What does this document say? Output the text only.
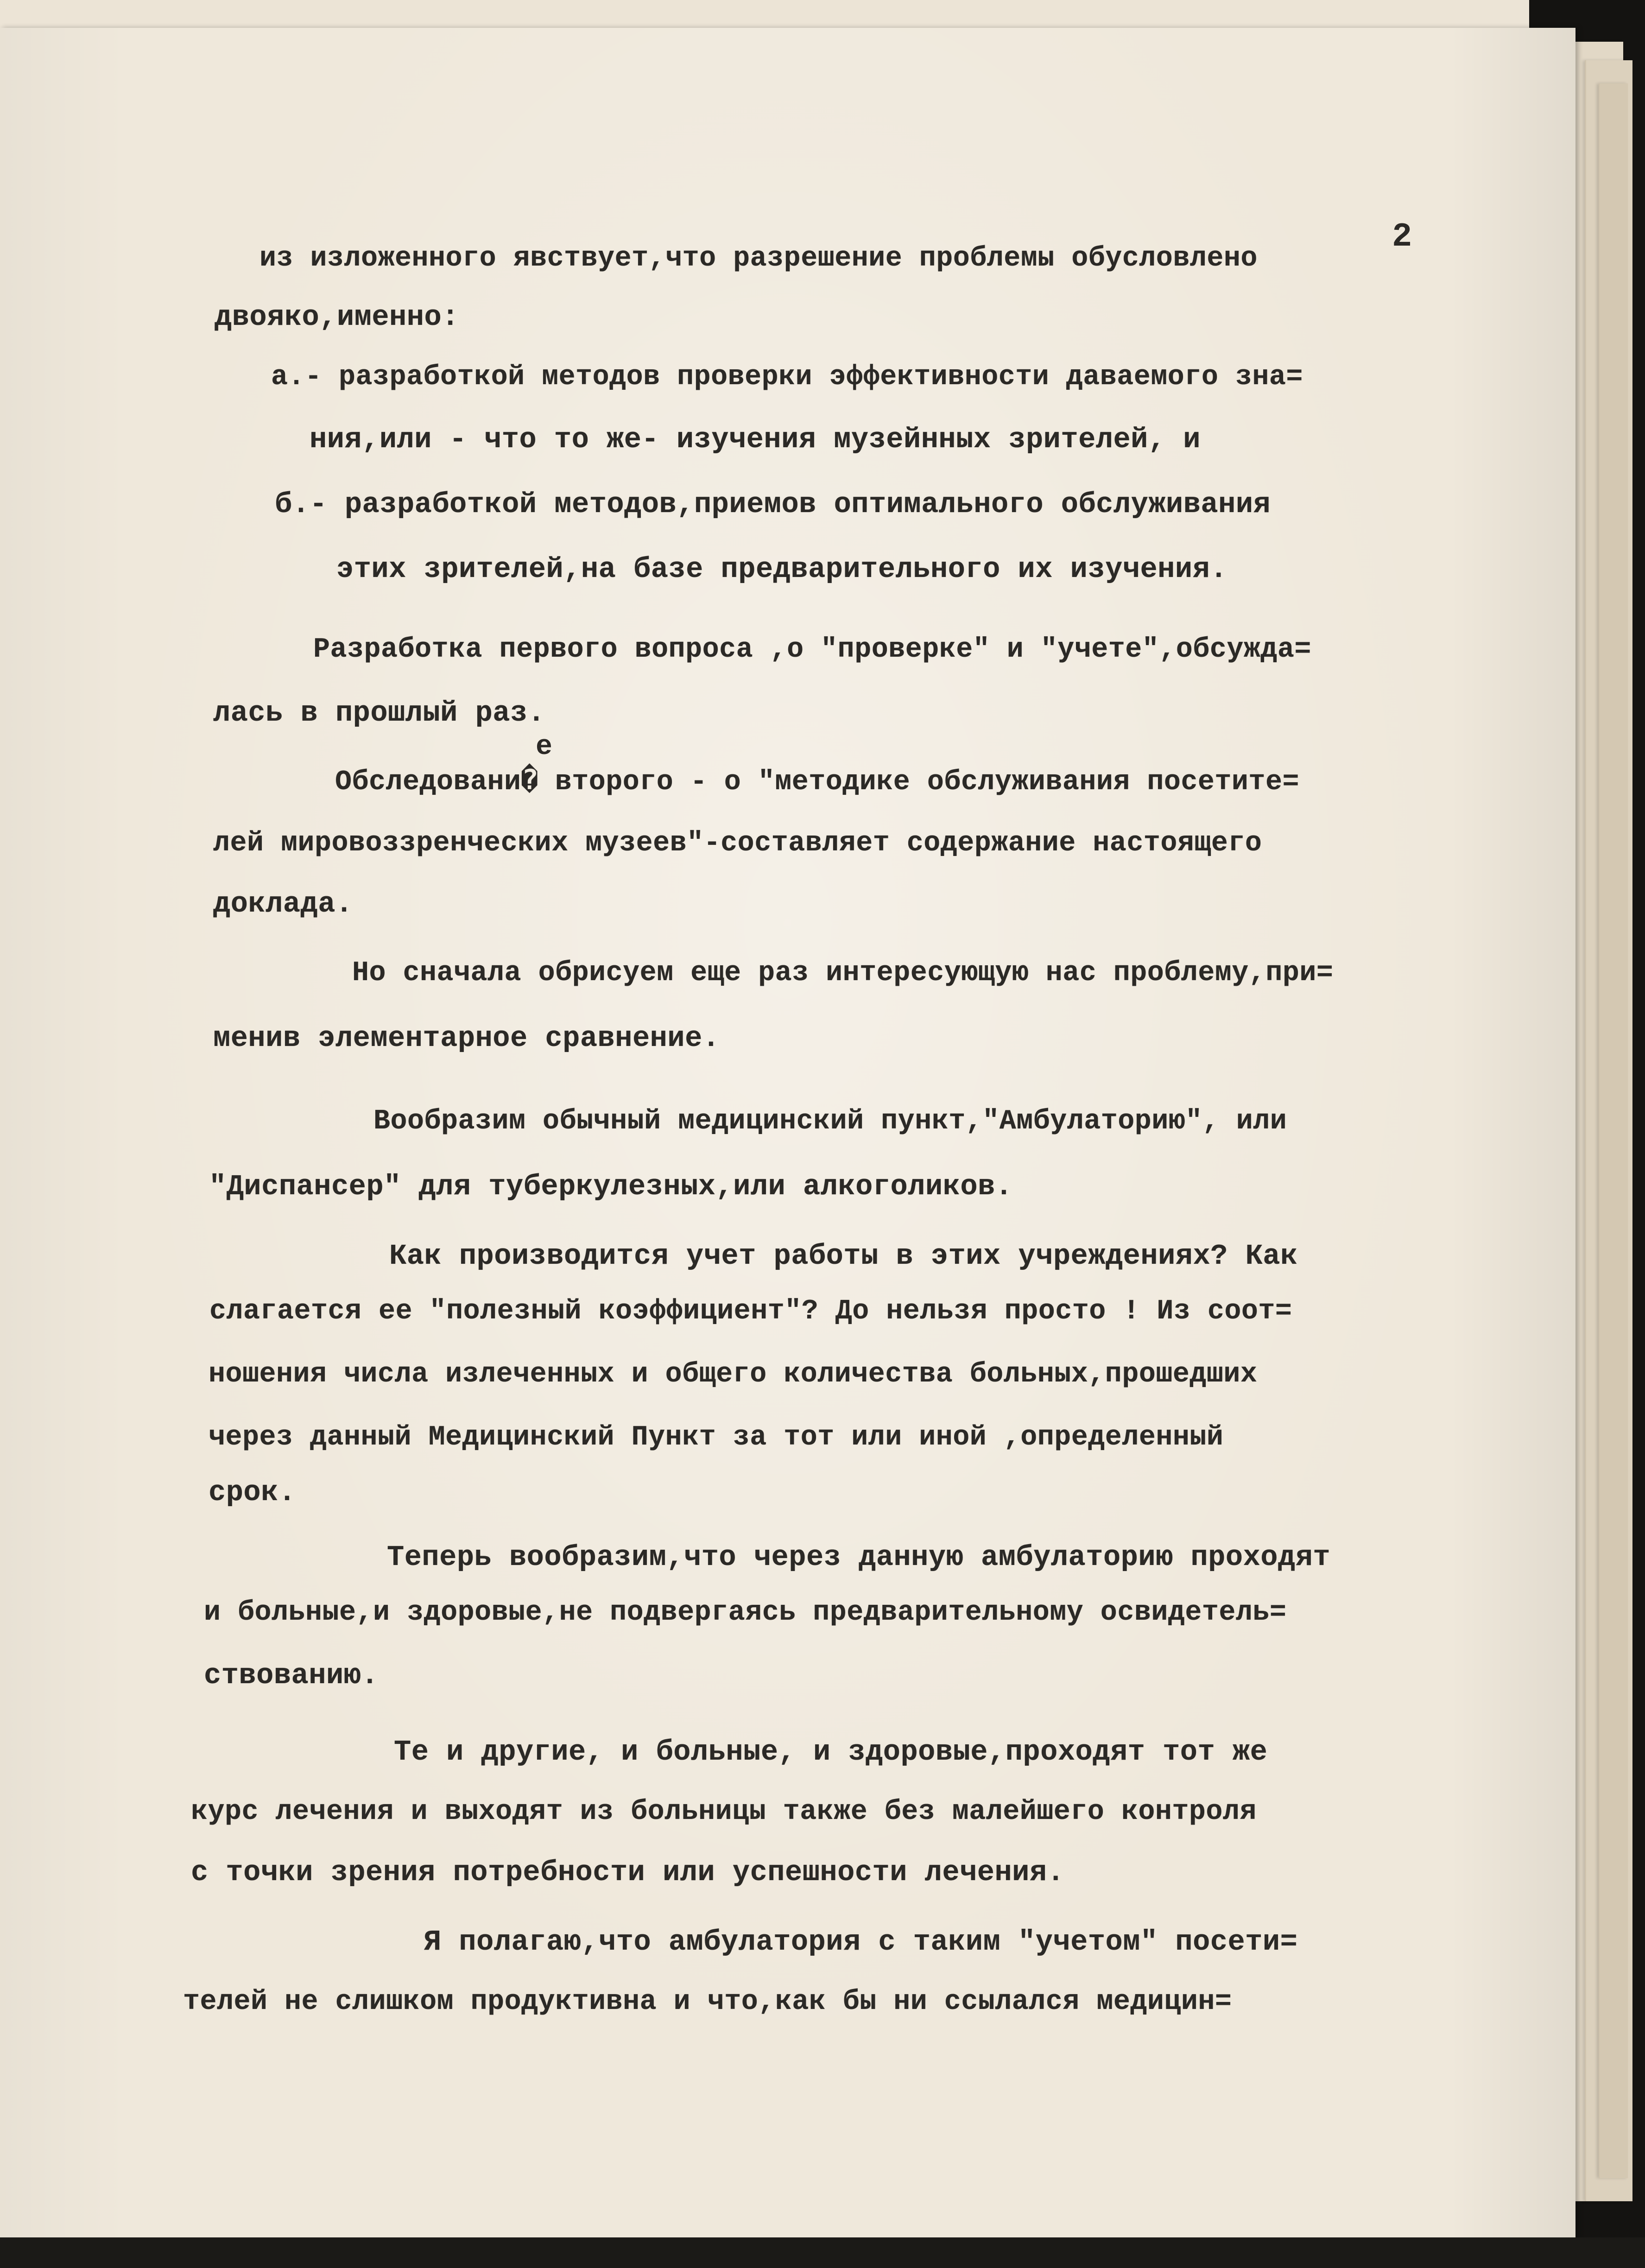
2
из изложенного явствует,что разрешение проблемы обусловлено
двояко,именно:
а.- разработкой методов проверки эффективности даваемого зна=
ния,или - что то же- изучения музейнных зрителей, и
б.- разработкой методов,приемов оптимального обслуживания
этих зрителей,на базе предварительного их изучения.
Разработка первого вопроса ,о "проверке" и "учете",обсужда=
лась в прошлый раз.
е
Обследовани� второго - о "методике обслуживания посетите=
лей мировоззренческих музеев"-составляет содержание настоящего
доклада.
Но сначала обрисуем еще раз интересующую нас проблему,при=
менив элементарное сравнение.
Вообразим обычный медицинский пункт,"Амбулаторию", или
"Диспансер" для туберкулезных,или алкоголиков.
Как производится учет работы в этих учреждениях? Как
слагается ее "полезный коэффициент"? До нельзя просто ! Из соот=
ношения числа излеченных и общего количества больных,прошедших
через данный Медицинский Пункт за тот или иной ,определенный
срок.
Теперь вообразим,что через данную амбулаторию проходят
и больные,и здоровые,не подвергаясь предварительному освидетель=
ствованию.
Те и другие, и больные, и здоровые,проходят тот же
курс лечения и выходят из больницы также без малейшего контроля
с точки зрения потребности или успешности лечения.
Я полагаю,что амбулатория с таким "учетом" посети=
телей не слишком продуктивна и что,как бы ни ссылался медицин=
